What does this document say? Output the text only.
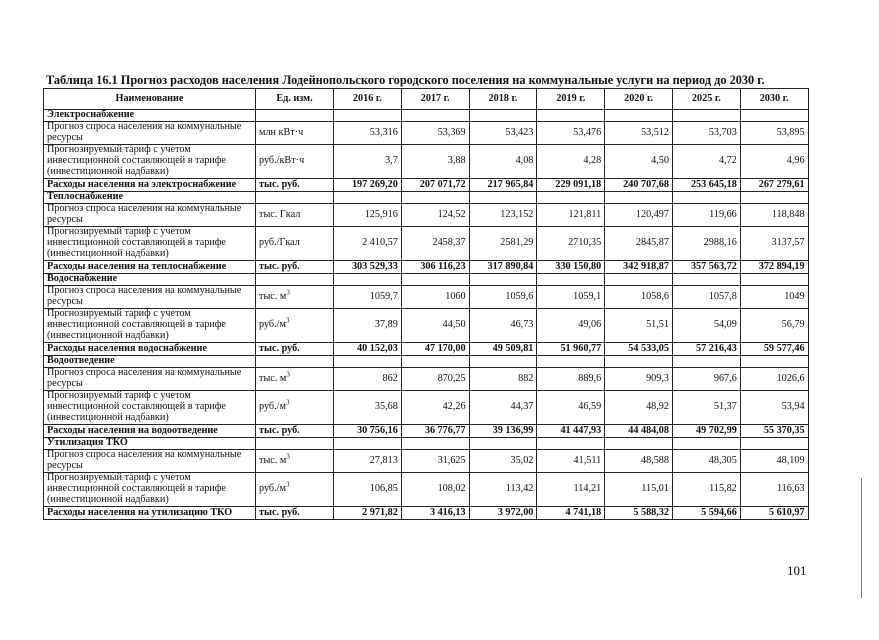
Таблица 16.1 Прогноз расходов населения Лодейнопольского городского поселения на коммунальные услуги на период до 2030 г.
Наименование	Ед. изм.	2016 г.	2017 г.	2018 г.	2019 г.	2020 г.	2025 г.	2030 г.
Электроснабжение								
Прогноз спроса населения на коммунальные ресурсы	млн кВт·ч	53,316	53,369	53,423	53,476	53,512	53,703	53,895
Прогнозируемый тариф с учетом инвестиционной составляющей в тарифе (инвестиционной надбавки)	руб./кВт·ч	3,7	3,88	4,08	4,28	4,50	4,72	4,96
Расходы населения на электроснабжение	тыс. руб.	197 269,20	207 071,72	217 965,84	229 091,18	240 707,68	253 645,18	267 279,61
Теплоснабжение								
Прогноз спроса населения на коммунальные ресурсы	тыс. Гкал	125,916	124,52	123,152	121,811	120,497	119,66	118,848
Прогнозируемый тариф с учетом инвестиционной составляющей в тарифе (инвестиционной надбавки)	руб./Гкал	2 410,57	2458,37	2581,29	2710,35	2845,87	2988,16	3137,57
Расходы населения на теплоснабжение	тыс. руб.	303 529,33	306 116,23	317 890,84	330 150,80	342 918,87	357 563,72	372 894,19
Водоснабжение								
Прогноз спроса населения на коммунальные ресурсы	тыс. $м^3$	1059,7	1060	1059,6	1059,1	1058,6	1057,8	1049
Прогнозируемый тариф с учетом инвестиционной составляющей в тарифе (инвестиционной надбавки)	$руб./м^3$	37,89	44,50	46,73	49,06	51,51	54,09	56,79
Расходы населения водоснабжение	тыс. руб.	40 152,03	47 170,00	49 509,81	51 960,77	54 533,05	57 216,43	59 577,46
Водоотведение								
Прогноз спроса населения на коммунальные ресурсы	тыс. $м^3$	862	870,25	882	889,6	909,3	967,6	1026,6
Прогнозируемый тариф с учетом инвестиционной составляющей в тарифе (инвестиционной надбавки)	$руб./м^3$	35,68	42,26	44,37	46,59	48,92	51,37	53,94
Расходы населения на водоотведение	тыс. руб.	30 756,16	36 776,77	39 136,99	41 447,93	44 484,08	49 702,99	55 370,35
Утилизация ТКО								
Прогноз спроса населения на коммунальные ресурсы	тыс. $м^3$	27,813	31,625	35,02	41,511	48,588	48,305	48,109
Прогнозируемый тариф с учетом инвестиционной составляющей в тарифе (инвестиционной надбавки)	$руб./м^3$	106,85	108,02	113,42	114,21	115,01	115,82	116,63
Расходы населения на утилизацию ТКО	тыс. руб.	2 971,82	3 416,13	3 972,00	4 741,18	5 588,32	5 594,66	5 610,97
101
